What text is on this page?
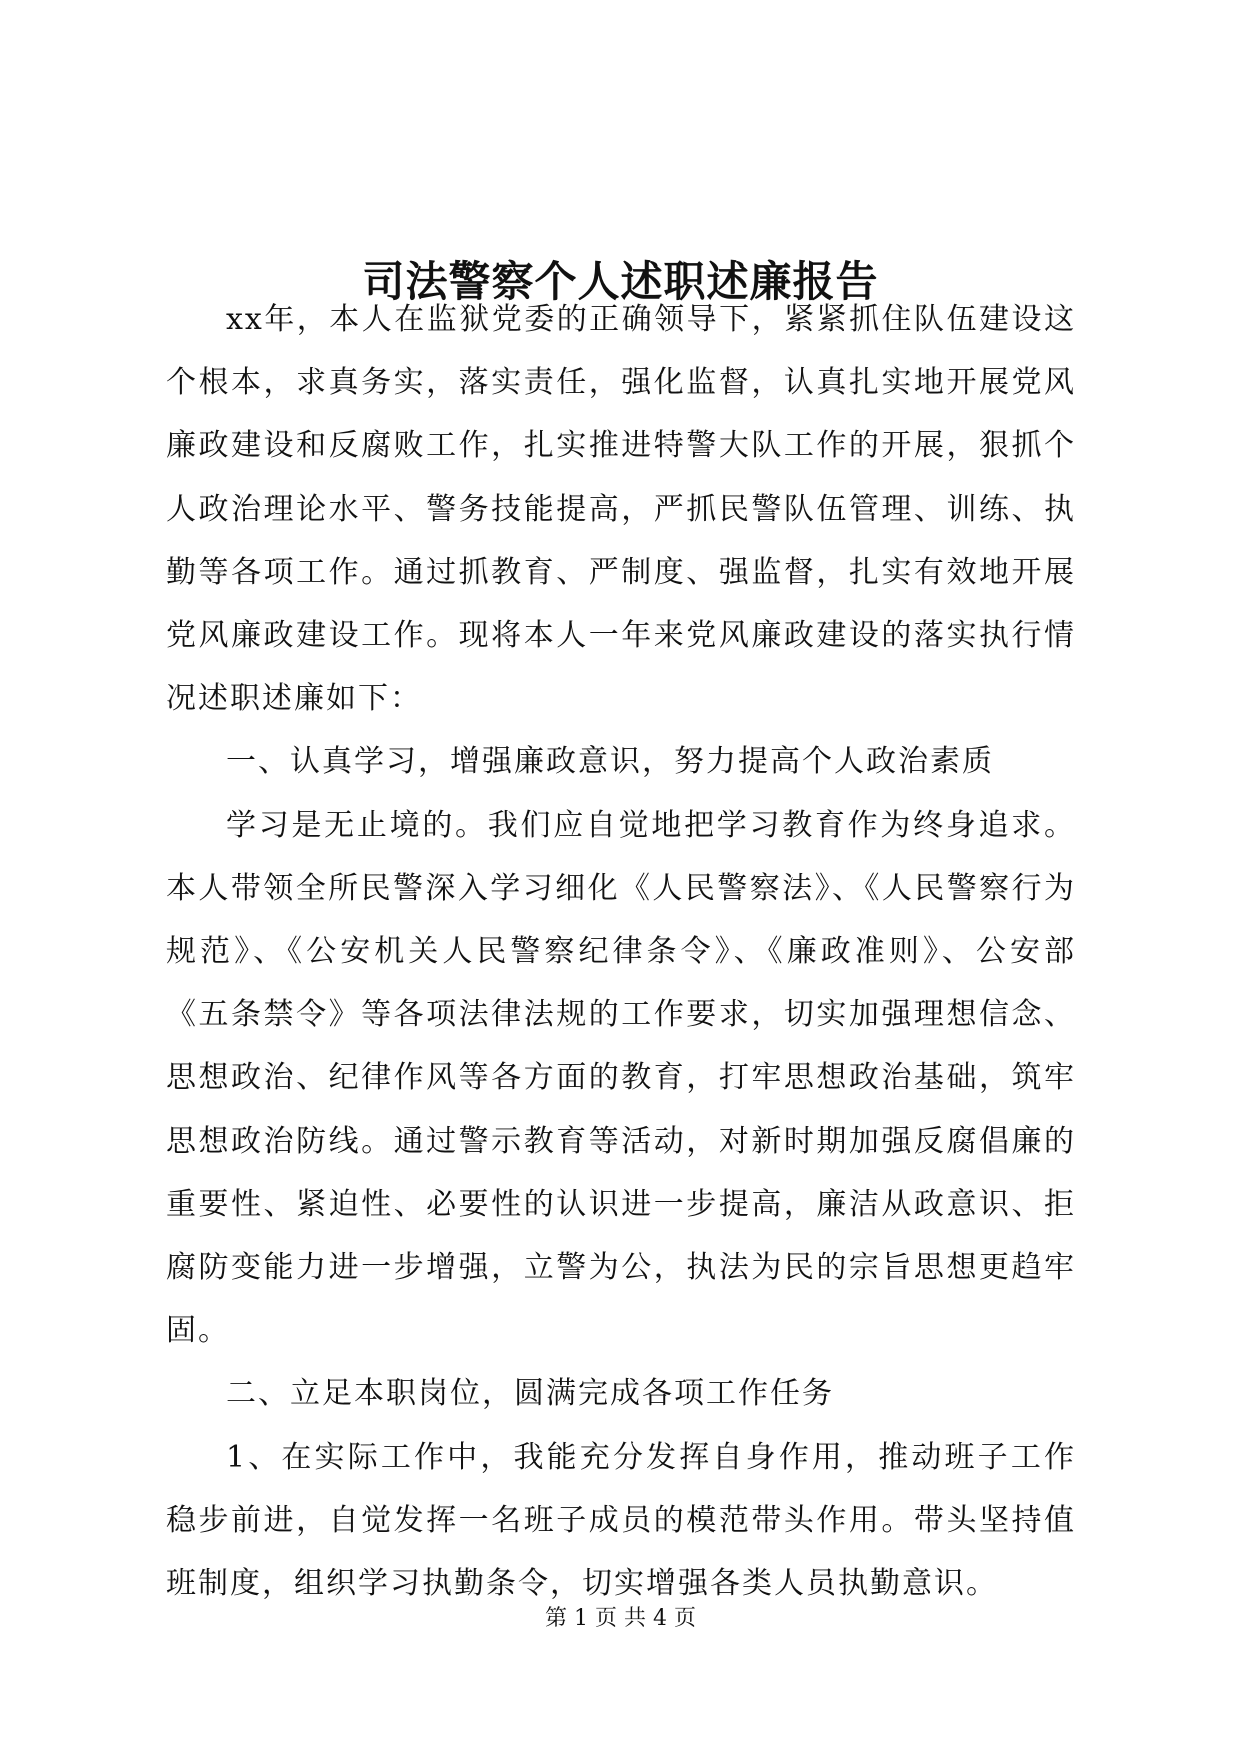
司法警察个人述职述廉报告

xx年，本人在监狱党委的正确领导下，紧紧抓住队伍建设这个根本，求真务实，落实责任，强化监督，认真扎实地开展党风廉政建设和反腐败工作，扎实推进特警大队工作的开展，狠抓个人政治理论水平、警务技能提高，严抓民警队伍管理、训练、执勤等各项工作。通过抓教育、严制度、强监督，扎实有效地开展党风廉政建设工作。现将本人一年来党风廉政建设的落实执行情况述职述廉如下：

一、认真学习，增强廉政意识，努力提高个人政治素质

学习是无止境的。我们应自觉地把学习教育作为终身追求。本人带领全所民警深入学习细化《人民警察法》、《人民警察行为规范》、《公安机关人民警察纪律条令》、《廉政准则》、公安部《五条禁令》等各项法律法规的工作要求，切实加强理想信念、思想政治、纪律作风等各方面的教育，打牢思想政治基础，筑牢思想政治防线。通过警示教育等活动，对新时期加强反腐倡廉的重要性、紧迫性、必要性的认识进一步提高，廉洁从政意识、拒腐防变能力进一步增强，立警为公，执法为民的宗旨思想更趋牢固。

二、立足本职岗位，圆满完成各项工作任务

1、在实际工作中，我能充分发挥自身作用，推动班子工作稳步前进，自觉发挥一名班子成员的模范带头作用。带头坚持值班制度，组织学习执勤条令，切实增强各类人员执勤意识。

第 1 页 共 4 页
